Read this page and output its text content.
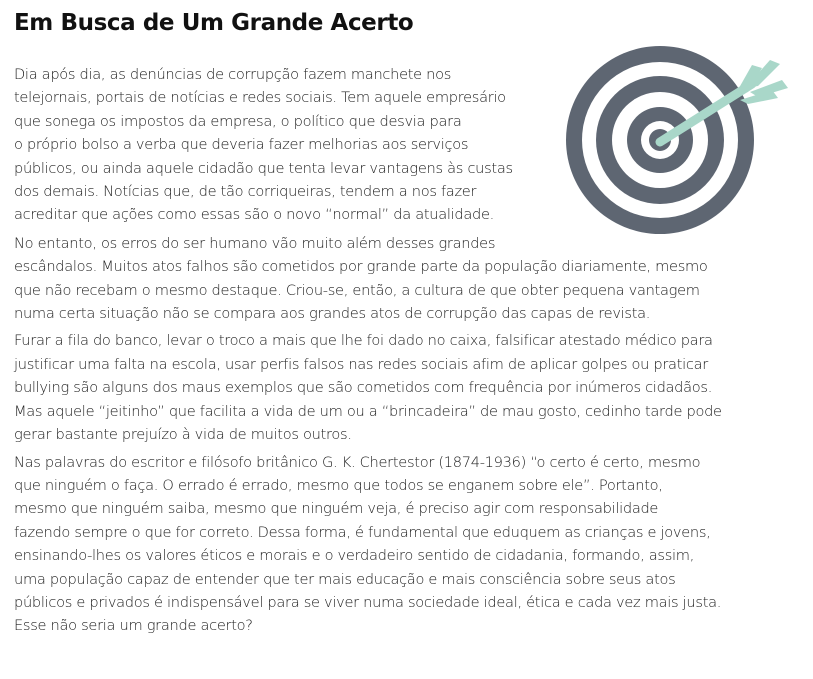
Em Busca de Um Grande Acerto
Dia após dia, as denúncias de corrupção fazem manchete nos
telejornais, portais de notícias e redes sociais. Tem aquele empresário
que sonega os impostos da empresa, o político que desvia para
o próprio bolso a verba que deveria fazer melhorias aos serviços
públicos, ou ainda aquele cidadão que tenta levar vantagens às custas
dos demais. Notícias que, de tão corriqueiras, tendem a nos fazer
acreditar que ações como essas são o novo “normal” da atualidade.
No entanto, os erros do ser humano vão muito além desses grandes
escândalos. Muitos atos falhos são cometidos por grande parte da população diariamente, mesmo
que não recebam o mesmo destaque. Criou-se, então, a cultura de que obter pequena vantagem
numa certa situação não se compara aos grandes atos de corrupção das capas de revista.
Furar a fila do banco, levar o troco a mais que lhe foi dado no caixa, falsificar atestado médico para
justificar uma falta na escola, usar perfis falsos nas redes sociais afim de aplicar golpes ou praticar
bullying são alguns dos maus exemplos que são cometidos com frequência por inúmeros cidadãos.
Mas aquele “jeitinho” que facilita a vida de um ou a “brincadeira” de mau gosto, cedinho tarde pode
gerar bastante prejuízo à vida de muitos outros.
Nas palavras do escritor e filósofo britânico G. K. Chertestor (1874-1936) “o certo é certo, mesmo
que ninguém o faça. O errado é errado, mesmo que todos se enganem sobre ele”. Portanto,
mesmo que ninguém saiba, mesmo que ninguém veja, é preciso agir com responsabilidade
fazendo sempre o que for correto. Dessa forma, é fundamental que eduquem as crianças e jovens,
ensinando-lhes os valores éticos e morais e o verdadeiro sentido de cidadania, formando, assim,
uma população capaz de entender que ter mais educação e mais consciência sobre seus atos
públicos e privados é indispensável para se viver numa sociedade ideal, ética e cada vez mais justa.
Esse não seria um grande acerto?
